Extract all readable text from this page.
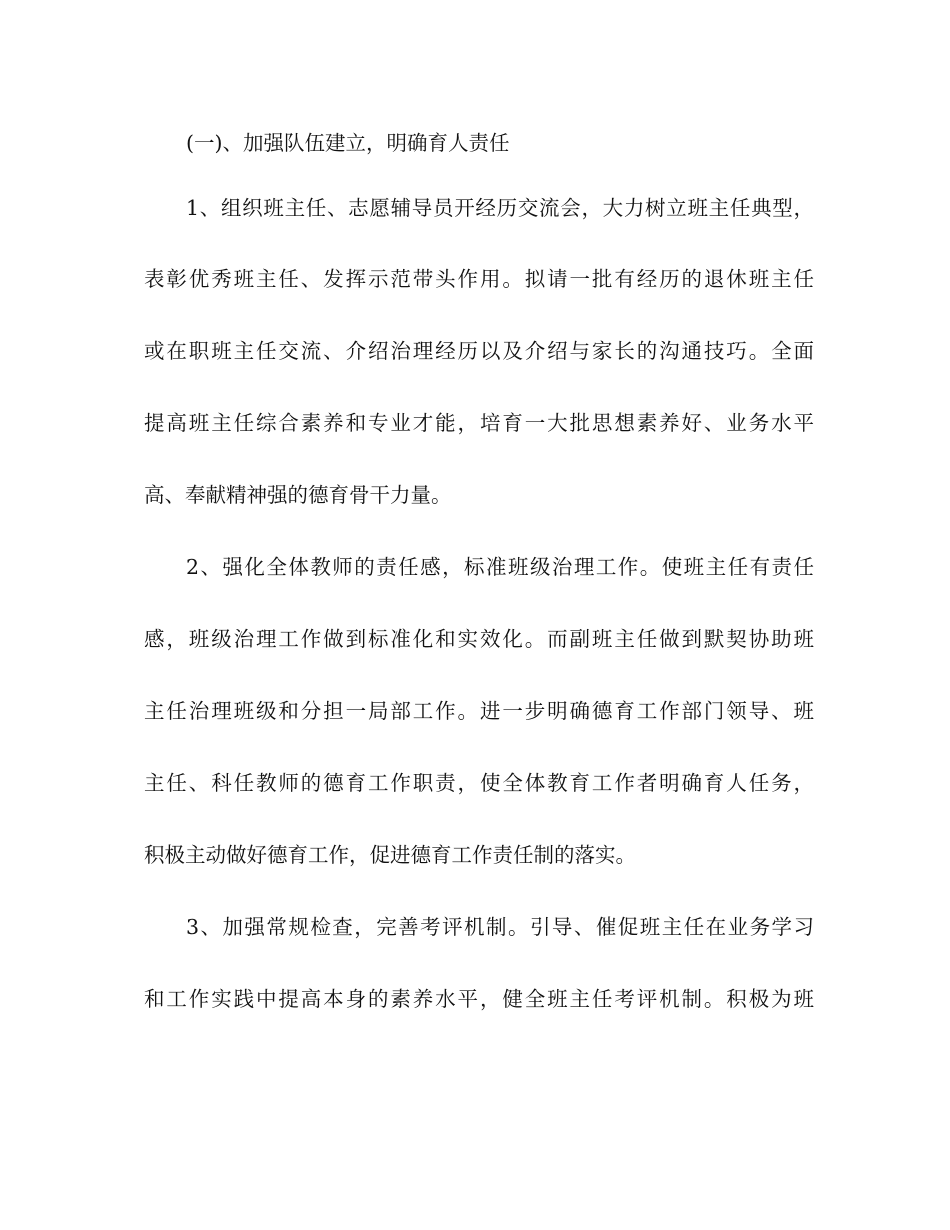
(一)、加强队伍建立，明确育人责任
1、组织班主任、志愿辅导员开经历交流会，大力树立班主任典型，
表彰优秀班主任、发挥示范带头作用。拟请一批有经历的退休班主任
或在职班主任交流、介绍治理经历以及介绍与家长的沟通技巧。全面
提高班主任综合素养和专业才能，培育一大批思想素养好、业务水平
高、奉献精神强的德育骨干力量。
2、强化全体教师的责任感，标准班级治理工作。使班主任有责任
感，班级治理工作做到标准化和实效化。而副班主任做到默契协助班
主任治理班级和分担一局部工作。进一步明确德育工作部门领导、班
主任、科任教师的德育工作职责，使全体教育工作者明确育人任务，
积极主动做好德育工作，促进德育工作责任制的落实。
3、加强常规检查，完善考评机制。引导、催促班主任在业务学习
和工作实践中提高本身的素养水平，健全班主任考评机制。积极为班
